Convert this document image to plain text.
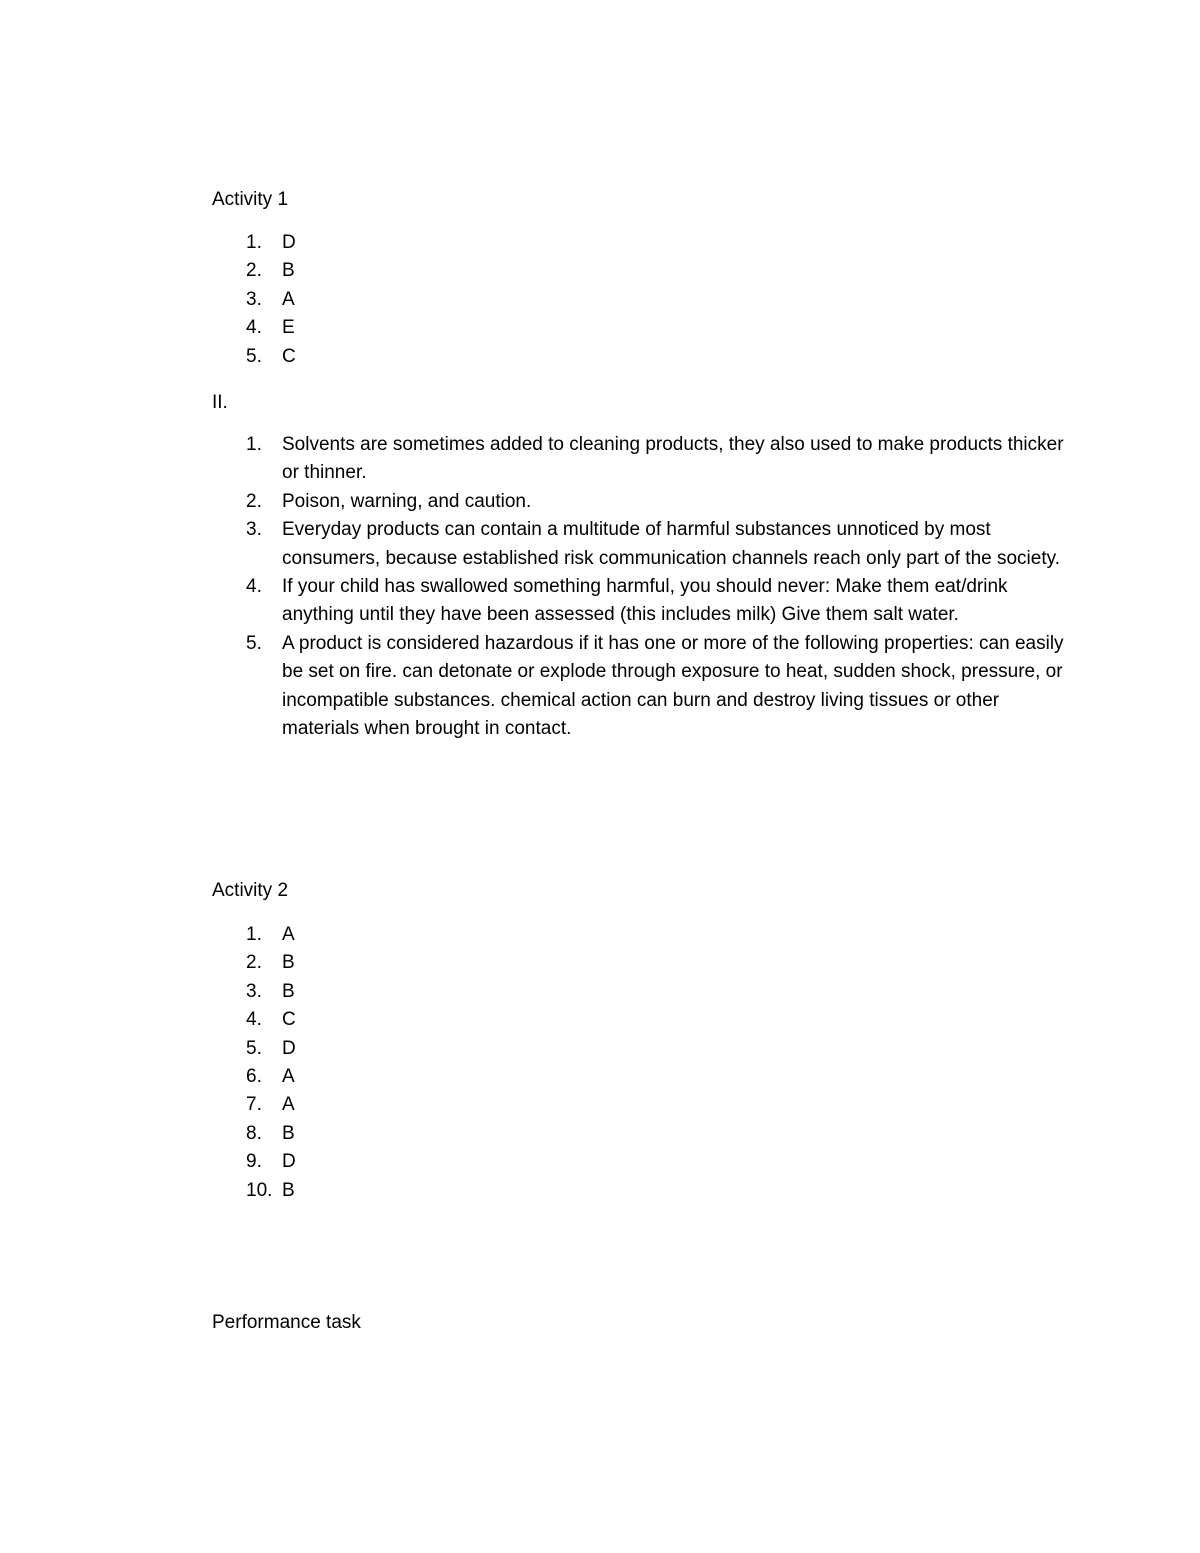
Activity 1

1.	D
2.	B
3.	A
4.	E
5.	C

II.

1.	Solvents are sometimes added to cleaning products, they also used to make products thicker or thinner.
2.	Poison, warning, and caution.
3.	Everyday products can contain a multitude of harmful substances unnoticed by most consumers, because established risk communication channels reach only part of the society.
4.	If your child has swallowed something harmful, you should never: Make them eat/drink anything until they have been assessed (this includes milk) Give them salt water.
5.	A product is considered hazardous if it has one or more of the following properties: can easily be set on fire. can detonate or explode through exposure to heat, sudden shock, pressure, or incompatible substances. chemical action can burn and destroy living tissues or other materials when brought in contact.

Activity 2

1.	A
2.	B
3.	B
4.	C
5.	D
6.	A
7.	A
8.	B
9.	D
10. B

Performance task
